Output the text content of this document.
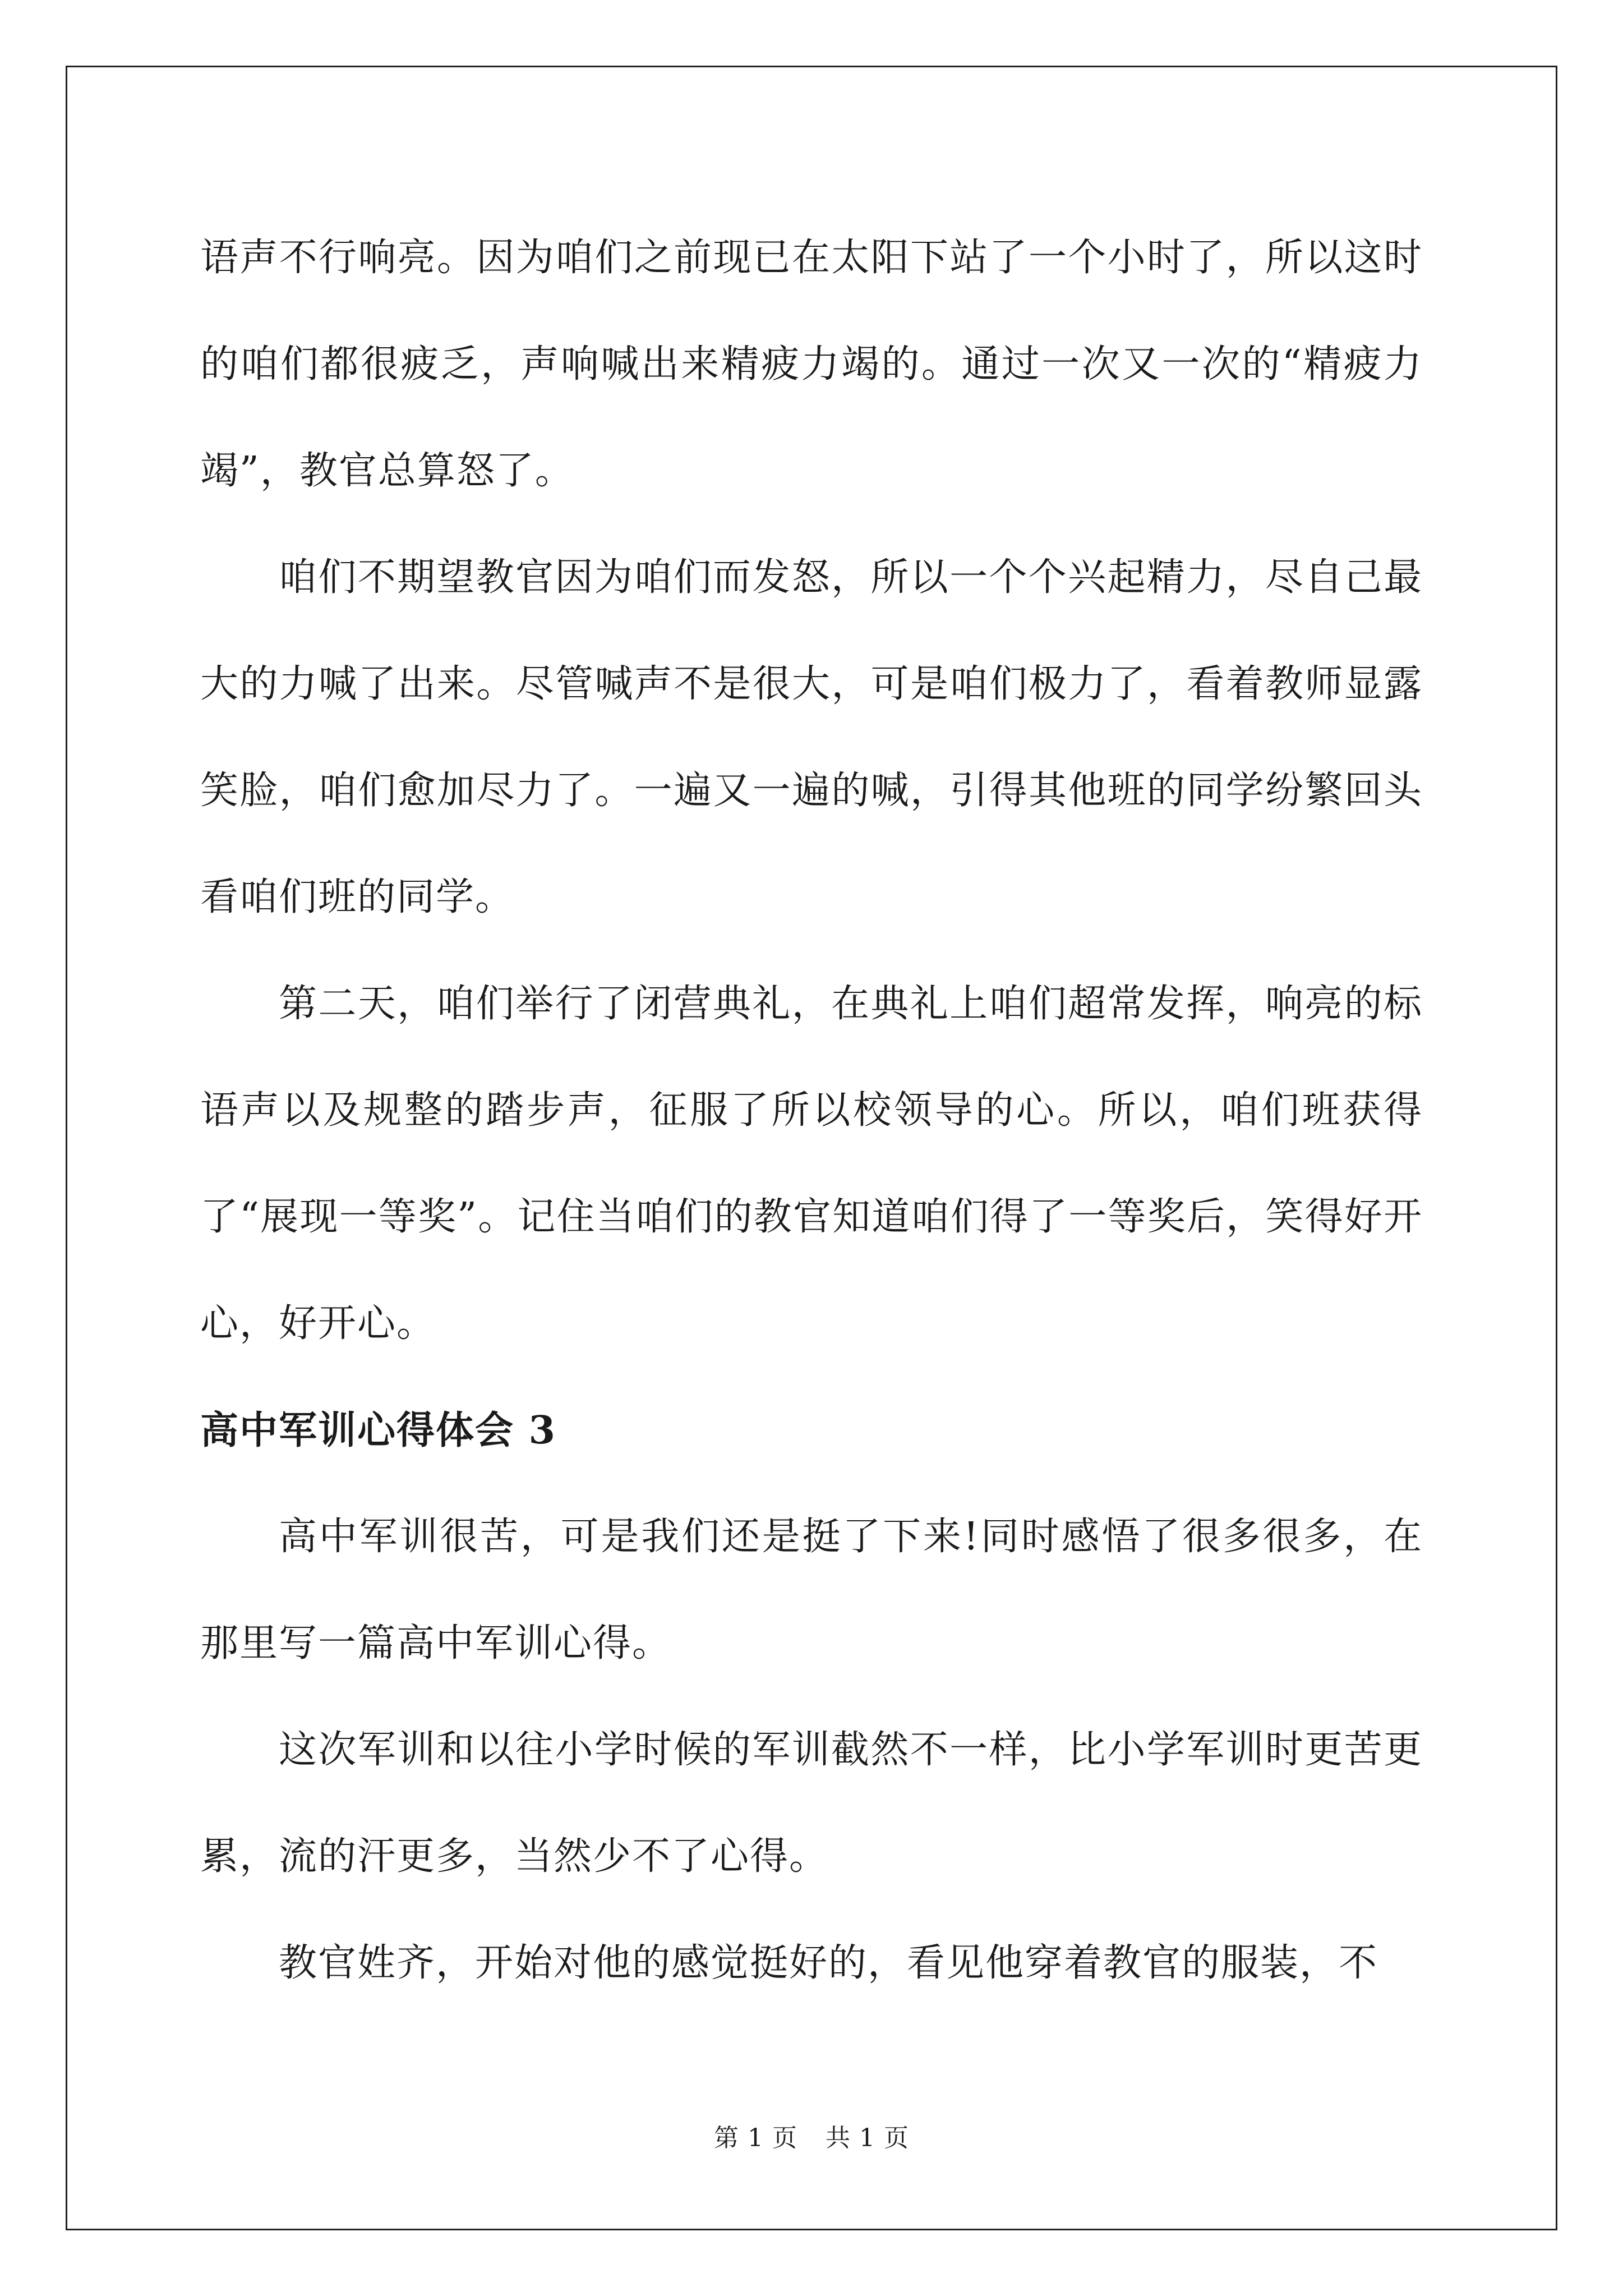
语声不行响亮。因为咱们之前现已在太阳下站了一个小时了，所以这时的咱们都很疲乏，声响喊出来精疲力竭的。通过一次又一次的“精疲力竭”，教官总算怒了。

咱们不期望教官因为咱们而发怒，所以一个个兴起精力，尽自己最大的力喊了出来。尽管喊声不是很大，可是咱们极力了，看着教师显露笑脸，咱们愈加尽力了。一遍又一遍的喊，引得其他班的同学纷繁回头看咱们班的同学。

第二天，咱们举行了闭营典礼，在典礼上咱们超常发挥，响亮的标语声以及规整的踏步声，征服了所以校领导的心。所以，咱们班获得了“展现一等奖”。记住当咱们的教官知道咱们得了一等奖后，笑得好开心，好开心。

高中军训心得体会 3

高中军训很苦，可是我们还是挺了下来!同时感悟了很多很多，在那里写一篇高中军训心得。

这次军训和以往小学时候的军训截然不一样，比小学军训时更苦更累，流的汗更多，当然少不了心得。

教官姓齐，开始对他的感觉挺好的，看见他穿着教官的服装，不

第 1 页 共 1 页
